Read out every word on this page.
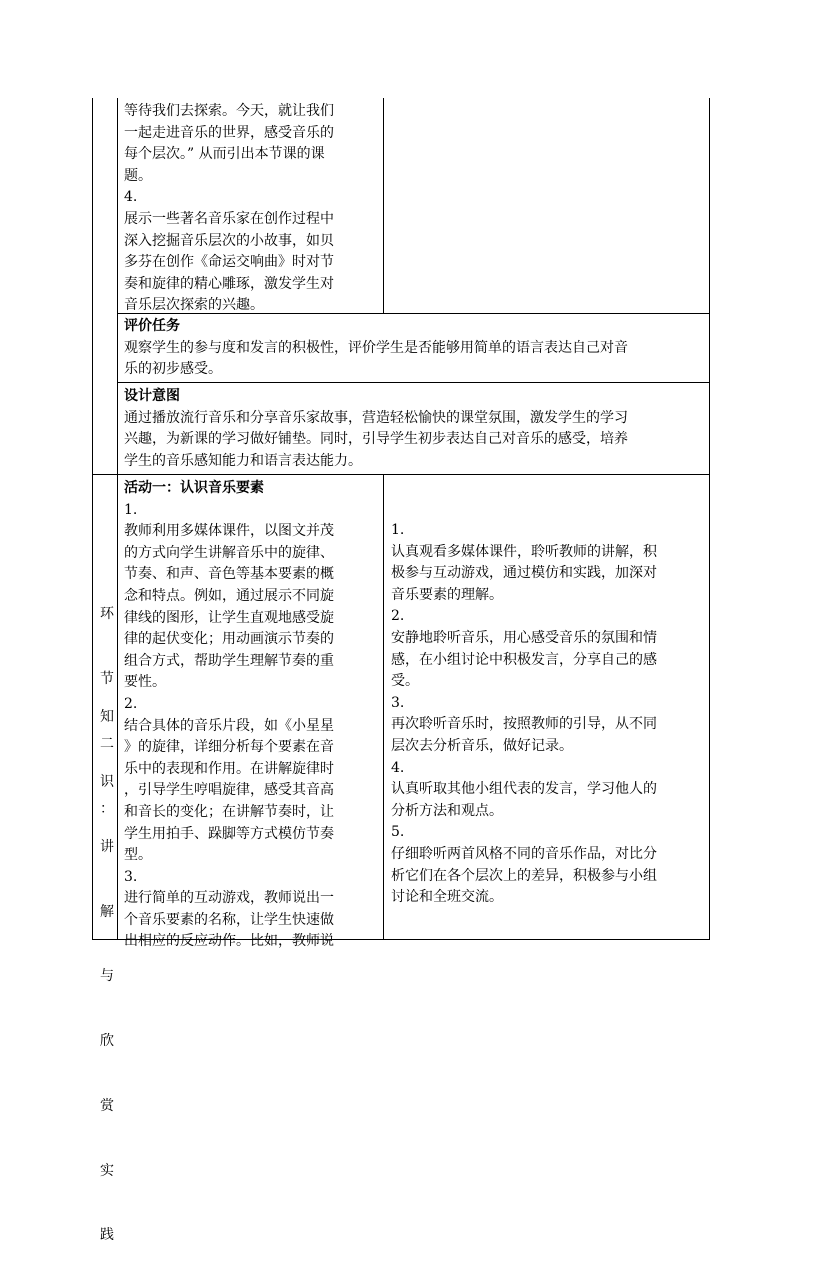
等待我们去探索。今天，就让我们

一起走进音乐的世界，感受音乐的

每个层次。” 从而引出本节课的课

题。

4.

展示一些著名音乐家在创作过程中

深入挖掘音乐层次的小故事，如贝

多芬在创作《命运交响曲》时对节

奏和旋律的精心雕琢，激发学生对

音乐层次探索的兴趣。

评价任务

观察学生的参与度和发言的积极性，评价学生是否能够用简单的语言表达自己对音

乐的初步感受。

设计意图

通过播放流行音乐和分享音乐家故事，营造轻松愉快的课堂氛围，激发学生的学习

兴趣，为新课的学习做好铺垫。同时，引导学生初步表达自己对音乐的感受，培养

学生的音乐感知能力和语言表达能力。

环

节

二

：

知

识

讲

解

与

欣

赏

实

践

活动一：认识音乐要素

1.

教师利用多媒体课件，以图文并茂

的方式向学生讲解音乐中的旋律、

节奏、和声、音色等基本要素的概

念和特点。例如，通过展示不同旋

律线的图形，让学生直观地感受旋

律的起伏变化；用动画演示节奏的

组合方式，帮助学生理解节奏的重

要性。

2.

结合具体的音乐片段，如《小星星

》的旋律，详细分析每个要素在音

乐中的表现和作用。在讲解旋律时

，引导学生哼唱旋律，感受其音高

和音长的变化；在讲解节奏时，让

学生用拍手、跺脚等方式模仿节奏

型。

3.

进行简单的互动游戏，教师说出一

个音乐要素的名称，让学生快速做

出相应的反应动作。比如，教师说

1.

认真观看多媒体课件，聆听教师的讲解，积

极参与互动游戏，通过模仿和实践，加深对

音乐要素的理解。

2.

安静地聆听音乐，用心感受音乐的氛围和情

感，在小组讨论中积极发言，分享自己的感

受。

3.

再次聆听音乐时，按照教师的引导，从不同

层次去分析音乐，做好记录。

4.

认真听取其他小组代表的发言，学习他人的

分析方法和观点。

5.

仔细聆听两首风格不同的音乐作品，对比分

析它们在各个层次上的差异，积极参与小组

讨论和全班交流。
